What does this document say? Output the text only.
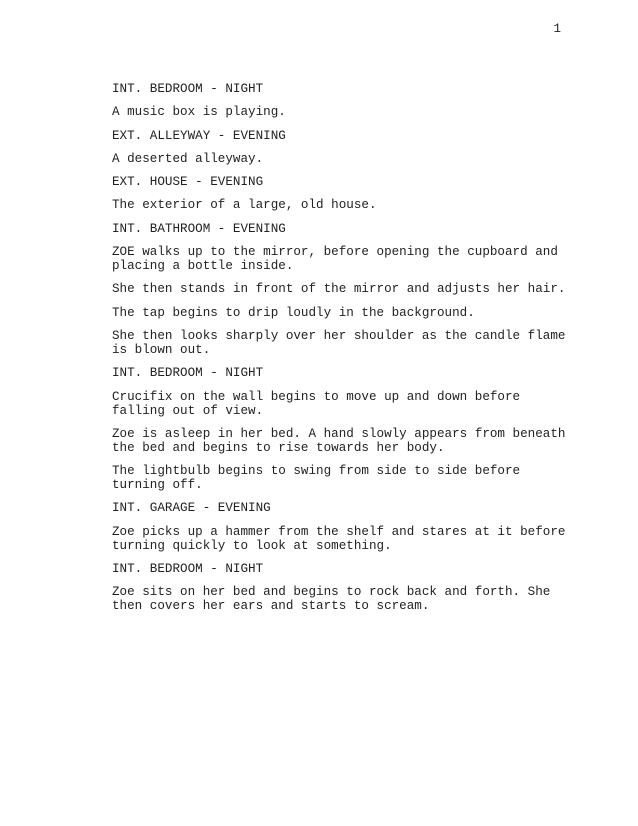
1

INT. BEDROOM - NIGHT

A music box is playing.

EXT. ALLEYWAY - EVENING

A deserted alleyway.

EXT. HOUSE - EVENING

The exterior of a large, old house.

INT. BATHROOM - EVENING

ZOE walks up to the mirror, before opening the cupboard and
placing a bottle inside.

She then stands in front of the mirror and adjusts her hair.

The tap begins to drip loudly in the background.

She then looks sharply over her shoulder as the candle flame
is blown out.

INT. BEDROOM - NIGHT

Crucifix on the wall begins to move up and down before
falling out of view.

Zoe is asleep in her bed. A hand slowly appears from beneath
the bed and begins to rise towards her body.

The lightbulb begins to swing from side to side before
turning off.

INT. GARAGE - EVENING

Zoe picks up a hammer from the shelf and stares at it before
turning quickly to look at something.

INT. BEDROOM - NIGHT

Zoe sits on her bed and begins to rock back and forth. She
then covers her ears and starts to scream.
